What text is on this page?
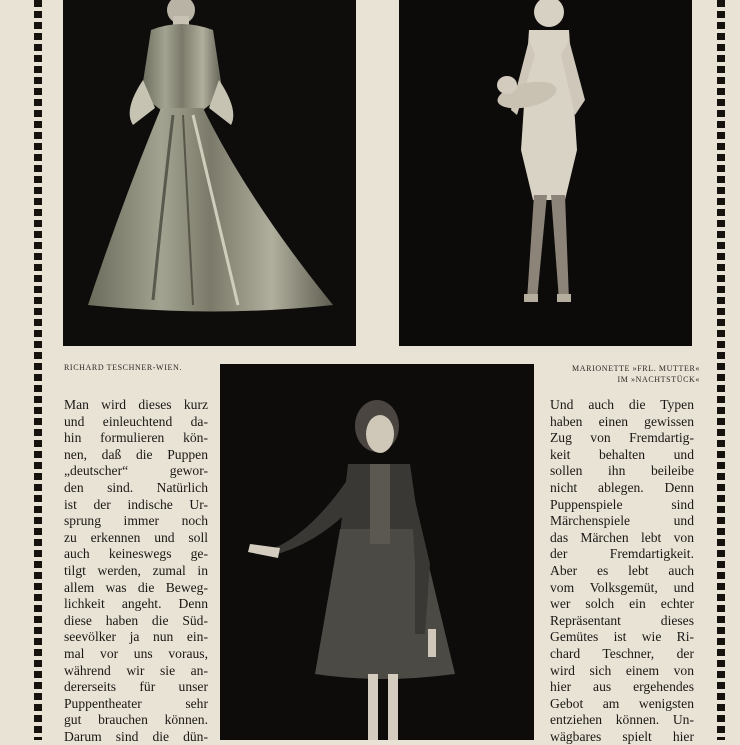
RICHARD TESCHNER-WIEN.	MARIONETTE »FRL. MUTTER«
IM »NACHTSTÜCK«
Man wird dieses kurz
und einleuchtend da-
hin formulieren kön-
nen, daß die Puppen
„deutscher“ gewor-
den sind. Natürlich
ist der indische Ur-
sprung immer noch
zu erkennen und soll
auch keineswegs ge-
tilgt werden, zumal in
allem was die Beweg-
lichkeit angeht. Denn
diese haben die Süd-
seevölker ja nun ein-
mal vor uns voraus,
während wir sie an-
dererseits für unser
Puppentheater sehr
gut brauchen können.
Darum sind die dün-
Und auch die Typen
haben einen gewissen
Zug von Fremdartig-
keit behalten und
sollen ihn beileibe
nicht ablegen. Denn
Puppenspiele sind
Märchenspiele und
das Märchen lebt von
der Fremdartigkeit.
Aber es lebt auch
vom Volksgemüt, und
wer solch ein echter
Repräsentant dieses
Gemütes ist wie Ri-
chard Teschner, der
wird sich einem von
hier aus ergehendes
Gebot am wenigsten
entziehen können. Un-
wägbares spielt hier
